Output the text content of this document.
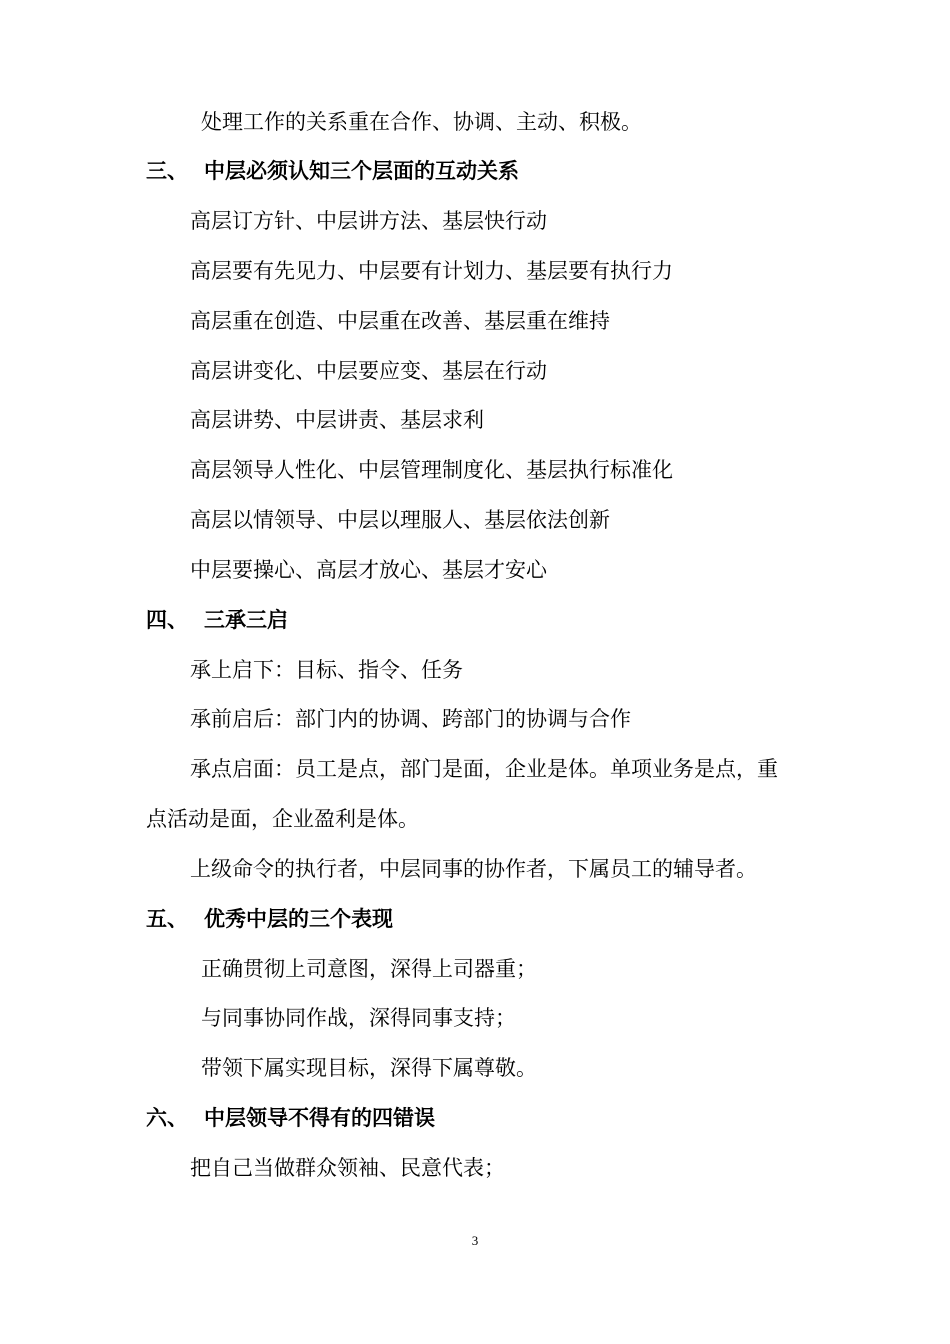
处理工作的关系重在合作、协调、主动、积极。
三、 中层必须认知三个层面的互动关系
高层订方针、中层讲方法、基层快行动
高层要有先见力、中层要有计划力、基层要有执行力
高层重在创造、中层重在改善、基层重在维持
高层讲变化、中层要应变、基层在行动
高层讲势、中层讲责、基层求利
高层领导人性化、中层管理制度化、基层执行标准化
高层以情领导、中层以理服人、基层依法创新
中层要操心、高层才放心、基层才安心
四、 三承三启
承上启下：目标、指令、任务
承前启后：部门内的协调、跨部门的协调与合作
承点启面：员工是点，部门是面，企业是体。单项业务是点，重
点活动是面，企业盈利是体。
上级命令的执行者，中层同事的协作者，下属员工的辅导者。
五、 优秀中层的三个表现
正确贯彻上司意图，深得上司器重；
与同事协同作战，深得同事支持；
带领下属实现目标，深得下属尊敬。
六、 中层领导不得有的四错误
把自己当做群众领袖、民意代表；
3
